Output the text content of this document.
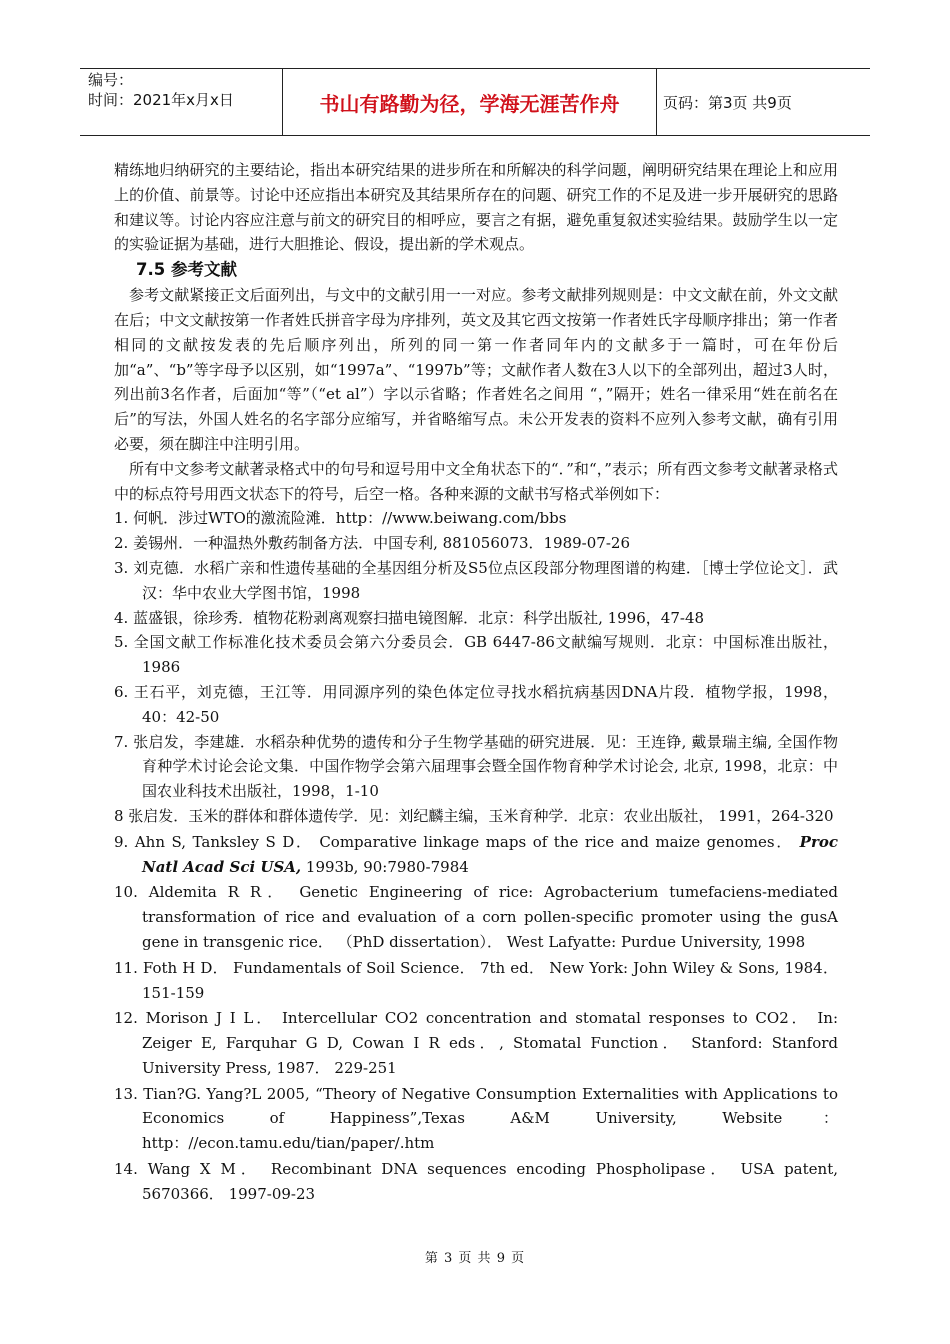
编号：
时间：2021年x月x日	书山有路勤为径，学海无涯苦作舟	页码：第3页 共9页

精练地归纳研究的主要结论，指出本研究结果的进步所在和所解决的科学问题，阐明研究结果在理论上和应用上的价值、前景等。讨论中还应指出本研究及其结果所存在的问题、研究工作的不足及进一步开展研究的思路和建议等。讨论内容应注意与前文的研究目的相呼应，要言之有据，避免重复叙述实验结果。鼓励学生以一定的实验证据为基础，进行大胆推论、假设，提出新的学术观点。

7.5 参考文献

参考文献紧接正文后面列出，与文中的文献引用一一对应。参考文献排列规则是：中文文献在前，外文文献在后；中文文献按第一作者姓氏拼音字母为序排列，英文及其它西文按第一作者姓氏字母顺序排出；第一作者相同的文献按发表的先后顺序列出，所列的同一第一作者同年内的文献多于一篇时，可在年份后加“a”、“b”等字母予以区别，如“1997a”、“1997b”等；文献作者人数在3人以下的全部列出，超过3人时，列出前3名作者，后面加“等”（“et al”）字以示省略；作者姓名之间用 “，”隔开；姓名一律采用“姓在前名在后”的写法，外国人姓名的名字部分应缩写，并省略缩写点。未公开发表的资料不应列入参考文献，确有引用必要，须在脚注中注明引用。

所有中文参考文献著录格式中的句号和逗号用中文全角状态下的“．”和“，”表示；所有西文参考文献著录格式中的标点符号用西文状态下的符号，后空一格。各种来源的文献书写格式举例如下：

1. 何帆．涉过WTO的激流险滩．http：//www.beiwang.com/bbs
2. 姜锡州．一种温热外敷药制备方法．中国专利, 881056073．1989-07-26
3. 刘克德．水稻广亲和性遗传基础的全基因组分析及S5位点区段部分物理图谱的构建．［博士学位论文］．武汉：华中农业大学图书馆，1998
4. 蓝盛银，徐珍秀．植物花粉剥离观察扫描电镜图解．北京：科学出版社, 1996，47-48
5. 全国文献工作标准化技术委员会第六分委员会．GB 6447-86文献编写规则．北京：中国标准出版社，1986
6. 王石平，刘克德，王江等．用同源序列的染色体定位寻找水稻抗病基因DNA片段．植物学报，1998，40：42-50
7. 张启发，李建雄．水稻杂种优势的遗传和分子生物学基础的研究进展．见：王连铮, 戴景瑞主编, 全国作物育种学术讨论会论文集．中国作物学会第六届理事会暨全国作物育种学术讨论会, 北京, 1998，北京：中国农业科技术出版社，1998，1-10
8 张启发．玉米的群体和群体遗传学．见：刘纪麟主编，玉米育种学．北京：农业出版社， 1991，264-320
9. Ahn S, Tanksley S D． Comparative linkage maps of the rice and maize genomes． Proc Natl Acad Sci USA, 1993b, 90:7980-7984
10. Aldemita R R． Genetic Engineering of rice: Agrobacterium tumefaciens-mediated transformation of rice and evaluation of a corn pollen-specific promoter using the gusA gene in transgenic rice． （PhD dissertation）． West Lafyatte: Purdue University, 1998
11. Foth H D． Fundamentals of Soil Science． 7th ed． New York: John Wiley & Sons, 1984． 151-159
12. Morison J I L． Intercellular CO2 concentration and stomatal responses to CO2． In: Zeiger E, Farquhar G D, Cowan I R eds．, Stomatal Function． Stanford: Stanford University Press, 1987． 229-251
13. Tian?G. Yang?L 2005, “Theory of Negative Consumption Externalities with Applications to Economics of Happiness”,Texas A&M University, Website：http：//econ.tamu.edu/tian/paper/.htm
14. Wang X M． Recombinant DNA sequences encoding Phospholipase． USA patent, 5670366． 1997-09-23
第 3 页 共 9 页
